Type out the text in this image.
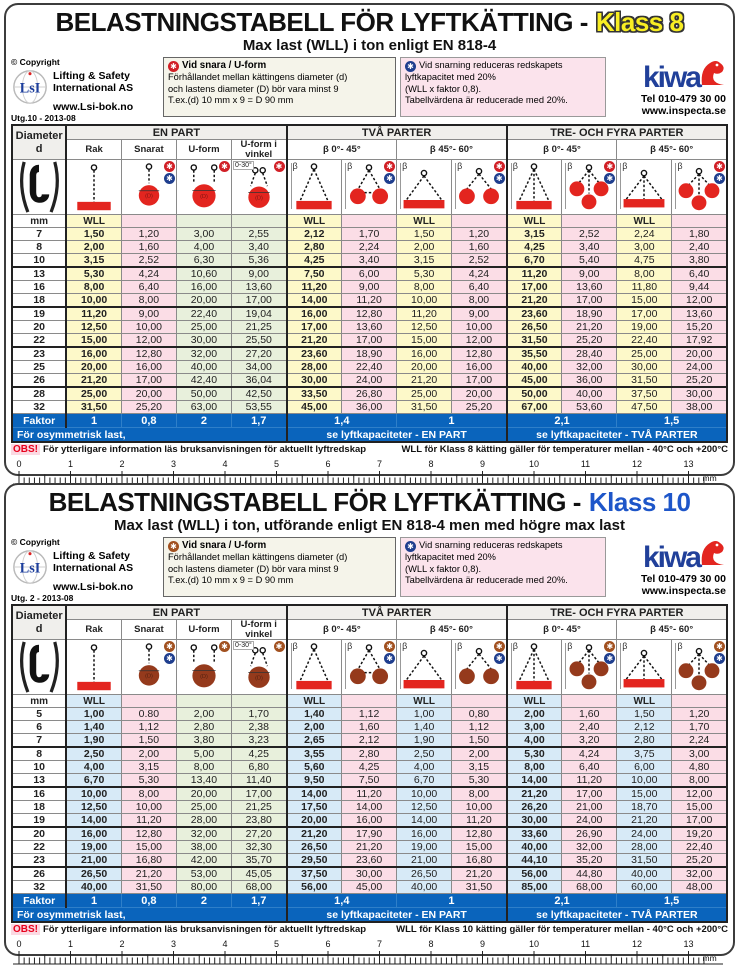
BELASTNINGSTABELL FÖR LYFTKÄTTING - Klass 8
Max last (WLL) i ton enligt EN 818-4
© Copyright
LsI
Lifting & Safety
International AS
www.Lsi-bok.no
Utg.10 - 2013-08
✱ Vid snara / U-form
Förhållandet mellan kättingens diameter (d)
och lastens diameter (D) bör vara minst 9
T.ex.(d) 10 mm x 9 = D 90 mm
✱ Vid snarning reduceras redskapets
lyftkapacitet med 20%
(WLL x faktor 0,8).
Tabellvärdena är reducerade med 20%.
kiwa
Tel 010-479 30 00
www.inspecta.se
Diameter
d	EN PART				TVÅ PARTER				TRE- OCH FYRA PARTER			
	Rak	Snarat	U-form	U-form i vinkel	β 0°- 45°		β 45°- 60°		β 0°- 45°		β 45°- 60°	

✱
✱
(D)	✱
(D)	0-30° ✱
(D)	β	β ✱
✱	β	β ✱
✱	β	β ✱
✱	β	β ✱
✱

mm	WLL				WLL		WLL		WLL		WLL	
7	1,50	1,20	3,00	2,55	2,12	1,70	1,50	1,20	3,15	2,52	2,24	1,80
8	2,00	1,60	4,00	3,40	2,80	2,24	2,00	1,60	4,25	3,40	3,00	2,40
10	3,15	2,52	6,30	5,36	4,25	3,40	3,15	2,52	6,70	5,40	4,75	3,80
13	5,30	4,24	10,60	9,00	7,50	6,00	5,30	4,24	11,20	9,00	8,00	6,40
16	8,00	6,40	16,00	13,60	11,20	9,00	8,00	6,40	17,00	13,60	11,80	9,44
18	10,00	8,00	20,00	17,00	14,00	11,20	10,00	8,00	21,20	17,00	15,00	12,00
19	11,20	9,00	22,40	19,04	16,00	12,80	11,20	9,00	23,60	18,90	17,00	13,60
20	12,50	10,00	25,00	21,25	17,00	13,60	12,50	10,00	26,50	21,20	19,00	15,20
22	15,00	12,00	30,00	25,50	21,20	17,00	15,00	12,00	31,50	25,20	22,40	17,92
23	16,00	12,80	32,00	27,20	23,60	18,90	16,00	12,80	35,50	28,40	25,00	20,00
25	20,00	16,00	40,00	34,00	28,00	22,40	20,00	16,00	40,00	32,00	30,00	24,00
26	21,20	17,00	42,40	36,04	30,00	24,00	21,20	17,00	45,00	36,00	31,50	25,20
28	25,00	20,00	50,00	42,50	33,50	26,80	25,00	20,00	50,00	40,00	37,50	30,00
32	31,50	25,20	63,00	53,55	45,00	36,00	31,50	25,20	67,00	53,60	47,50	38,00
Faktor	1	0,8	2	1,7	1,4		1		2,1		1,5	
För osymmetrisk last,					se lyftkapaciteter - EN PART				se lyftkapaciteter - TVÅ PARTER			
OBS! För ytterligare information läs bruksanvisningen för aktuellt lyftredskap	WLL för Klass 8 kätting gäller för temperaturer mellan - 40°C och +200°C
0	1	2	3	4	5	6	7	8	9	10	11	12	13
mm
BELASTNINGSTABELL FÖR LYFTKÄTTING - Klass 10
Max last (WLL) i ton, utförande enligt EN 818-4 men med högre max last
© Copyright
LsI
Lifting & Safety
International AS
www.Lsi-bok.no
Utg. 2 - 2013-08
✱ Vid snara / U-form
Förhållandet mellan kättingens diameter (d)
och lastens diameter (D) bör vara minst 9
T.ex.(d) 10 mm x 9 = D 90 mm
✱ Vid snarning reduceras redskapets
lyftkapacitet med 20%
(WLL x faktor 0,8).
Tabellvärdena är reducerade med 20%.
kiwa
Tel 010-479 30 00
www.inspecta.se
Diameter
d	EN PART				TVÅ PARTER				TRE- OCH FYRA PARTER			
	Rak	Snarat	U-form	U-form i vinkel	β 0°- 45°		β 45°- 60°		β 0°- 45°		β 45°- 60°	

✱
✱
(D)	✱
(D)	0-30° ✱
(D)	β	β ✱
✱	β	β ✱
✱	β	β ✱
✱	β	β ✱
✱

mm	WLL				WLL		WLL		WLL		WLL	
5	1,00	0.80	2,00	1,70	1,40	1,12	1,00	0,80	2,00	1,60	1,50	1,20
6	1,40	1,12	2,80	2,38	2,00	1,60	1,40	1,12	3,00	2,40	2,12	1,70
7	1,90	1,50	3,80	3,23	2,65	2,12	1,90	1,50	4,00	3,20	2,80	2,24
8	2,50	2,00	5,00	4,25	3,55	2,80	2,50	2,00	5,30	4,24	3,75	3,00
10	4,00	3,15	8,00	6,80	5,60	4,25	4,00	3,15	8,00	6,40	6,00	4,80
13	6,70	5,30	13,40	11,40	9,50	7,50	6,70	5,30	14,00	11,20	10,00	8,00
16	10,00	8,00	20,00	17,00	14,00	11,20	10,00	8,00	21,20	17,00	15,00	12,00
18	12,50	10,00	25,00	21,25	17,50	14,00	12,50	10,00	26,20	21,00	18,70	15,00
19	14,00	11,20	28,00	23,80	20,00	16,00	14,00	11,20	30,00	24,00	21,20	17,00
20	16,00	12,80	32,00	27,20	21,20	17,90	16,00	12,80	33,60	26,90	24,00	19,20
22	19,00	15,00	38,00	32,30	26,50	21,20	19,00	15,00	40,00	32,00	28,00	22,40
23	21,00	16,80	42,00	35,70	29,50	23,60	21,00	16,80	44,10	35,20	31,50	25,20
26	26,50	21,20	53,00	45,05	37,50	30,00	26,50	21,20	56,00	44,80	40,00	32,00
32	40,00	31,50	80,00	68,00	56,00	45,00	40,00	31,50	85,00	68,00	60,00	48,00
Faktor	1	0,8	2	1,7	1,4		1		2,1		1,5	
För osymmetrisk last,					se lyftkapaciteter - EN PART				se lyftkapaciteter - TVÅ PARTER			
OBS! För ytterligare information läs bruksanvisningen för aktuellt lyftredskap	WLL för Klass 10 kätting gäller för temperaturer mellan - 40°C och +200°C
0	1	2	3	4	5	6	7	8	9	10	11	12	13
mm
